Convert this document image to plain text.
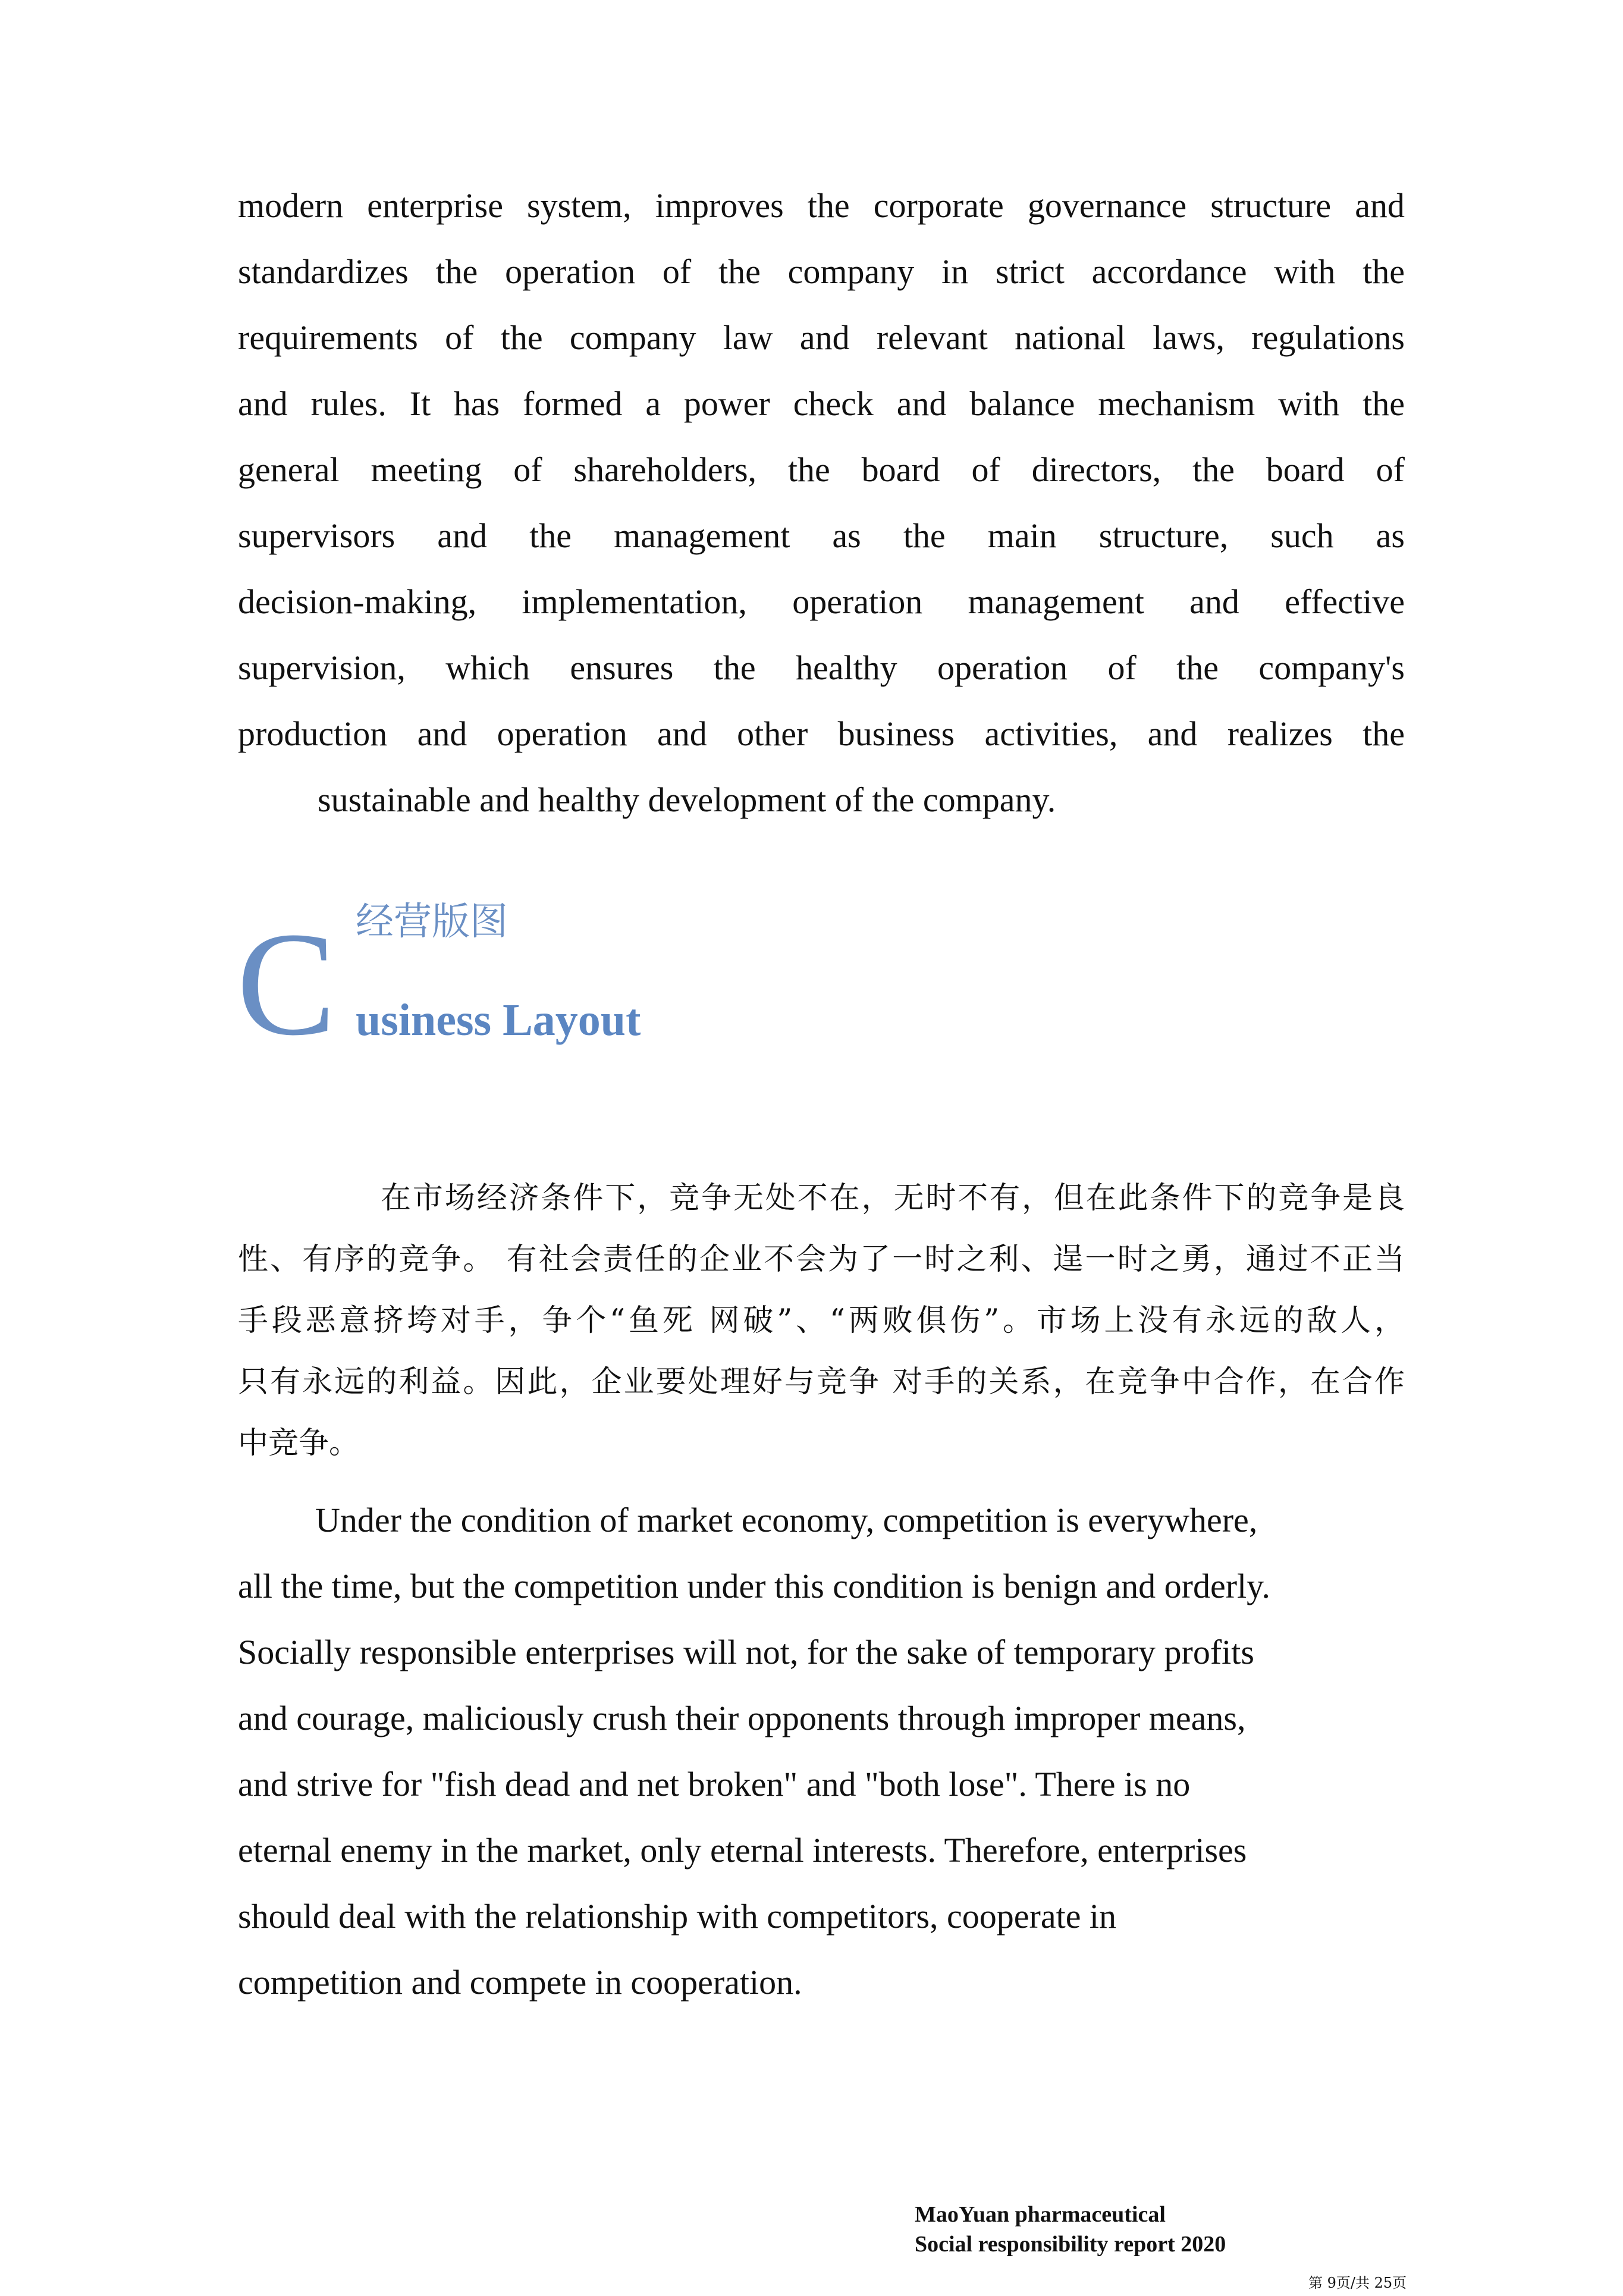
modern enterprise system, improves the corporate governance structure and
standardizes the operation of the company in strict accordance with the
requirements of the company law and relevant national laws, regulations
and rules. It has formed a power check and balance mechanism with the
general meeting of shareholders, the board of directors, the board of
supervisors and the management as the main structure, such as
decision-making, implementation, operation management and effective
supervision, which ensures the healthy operation of the company's
production and operation and other business activities, and realizes the
sustainable and healthy development of the company.
C 经营版图
usiness Layout
在市场经济条件下，竞争无处不在，无时不有，但在此条件下的竞争是良
性、有序的竞争。 有社会责任的企业不会为了一时之利、逞一时之勇，通过不正当
手段恶意挤垮对手，争个“鱼死 网破”、“两败俱伤”。市场上没有永远的敌人，
只有永远的利益。因此，企业要处理好与竞争 对手的关系，在竞争中合作，在合作
中竞争。
Under the condition of market economy, competition is everywhere,
all the time, but the competition under this condition is benign and orderly.
Socially responsible enterprises will not, for the sake of temporary profits
and courage, maliciously crush their opponents through improper means,
and strive for "fish dead and net broken" and "both lose". There is no
eternal enemy in the market, only eternal interests. Therefore, enterprises
should deal with the relationship with competitors, cooperate in
competition and compete in cooperation.
MaoYuan pharmaceutical
Social responsibility report 2020
第 9页/共 25页
